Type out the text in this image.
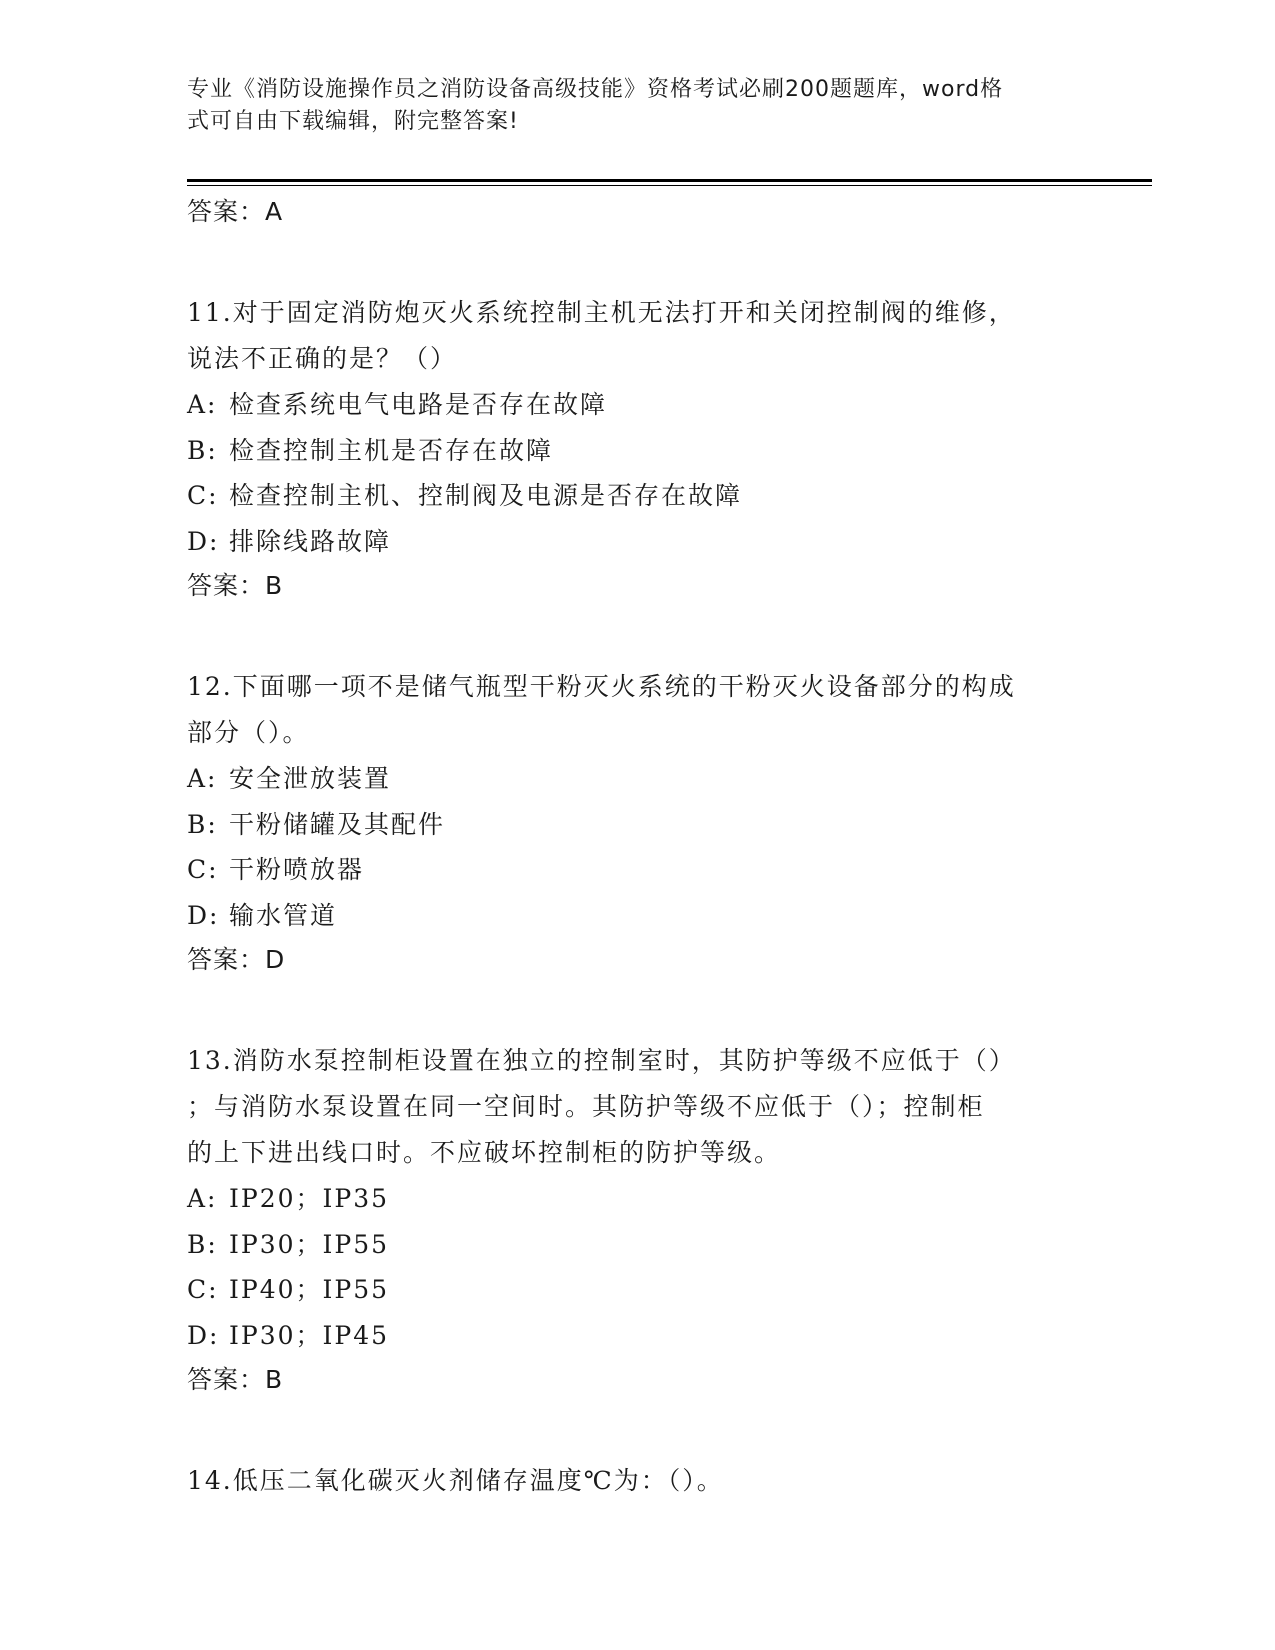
专业《消防设施操作员之消防设备高级技能》资格考试必刷200题题库，word格
式可自由下载编辑，附完整答案!
答案：A
11.对于固定消防炮灭火系统控制主机无法打开和关闭控制阀的维修，
说法不正确的是？（）
A: 检查系统电气电路是否存在故障
B: 检查控制主机是否存在故障
C: 检查控制主机、控制阀及电源是否存在故障
D: 排除线路故障
答案：B
12.下面哪一项不是储气瓶型干粉灭火系统的干粉灭火设备部分的构成
部分（）。
A: 安全泄放装置
B: 干粉储罐及其配件
C: 干粉喷放器
D: 输水管道
答案：D
13.消防水泵控制柜设置在独立的控制室时，其防护等级不应低于（）
；与消防水泵设置在同一空间时。其防护等级不应低于（）；控制柜
的上下进出线口时。不应破坏控制柜的防护等级。
A: IP20；IP35
B: IP30；IP55
C: IP40；IP55
D: IP30；IP45
答案：B
14.低压二氧化碳灭火剂储存温度℃为：（）。
